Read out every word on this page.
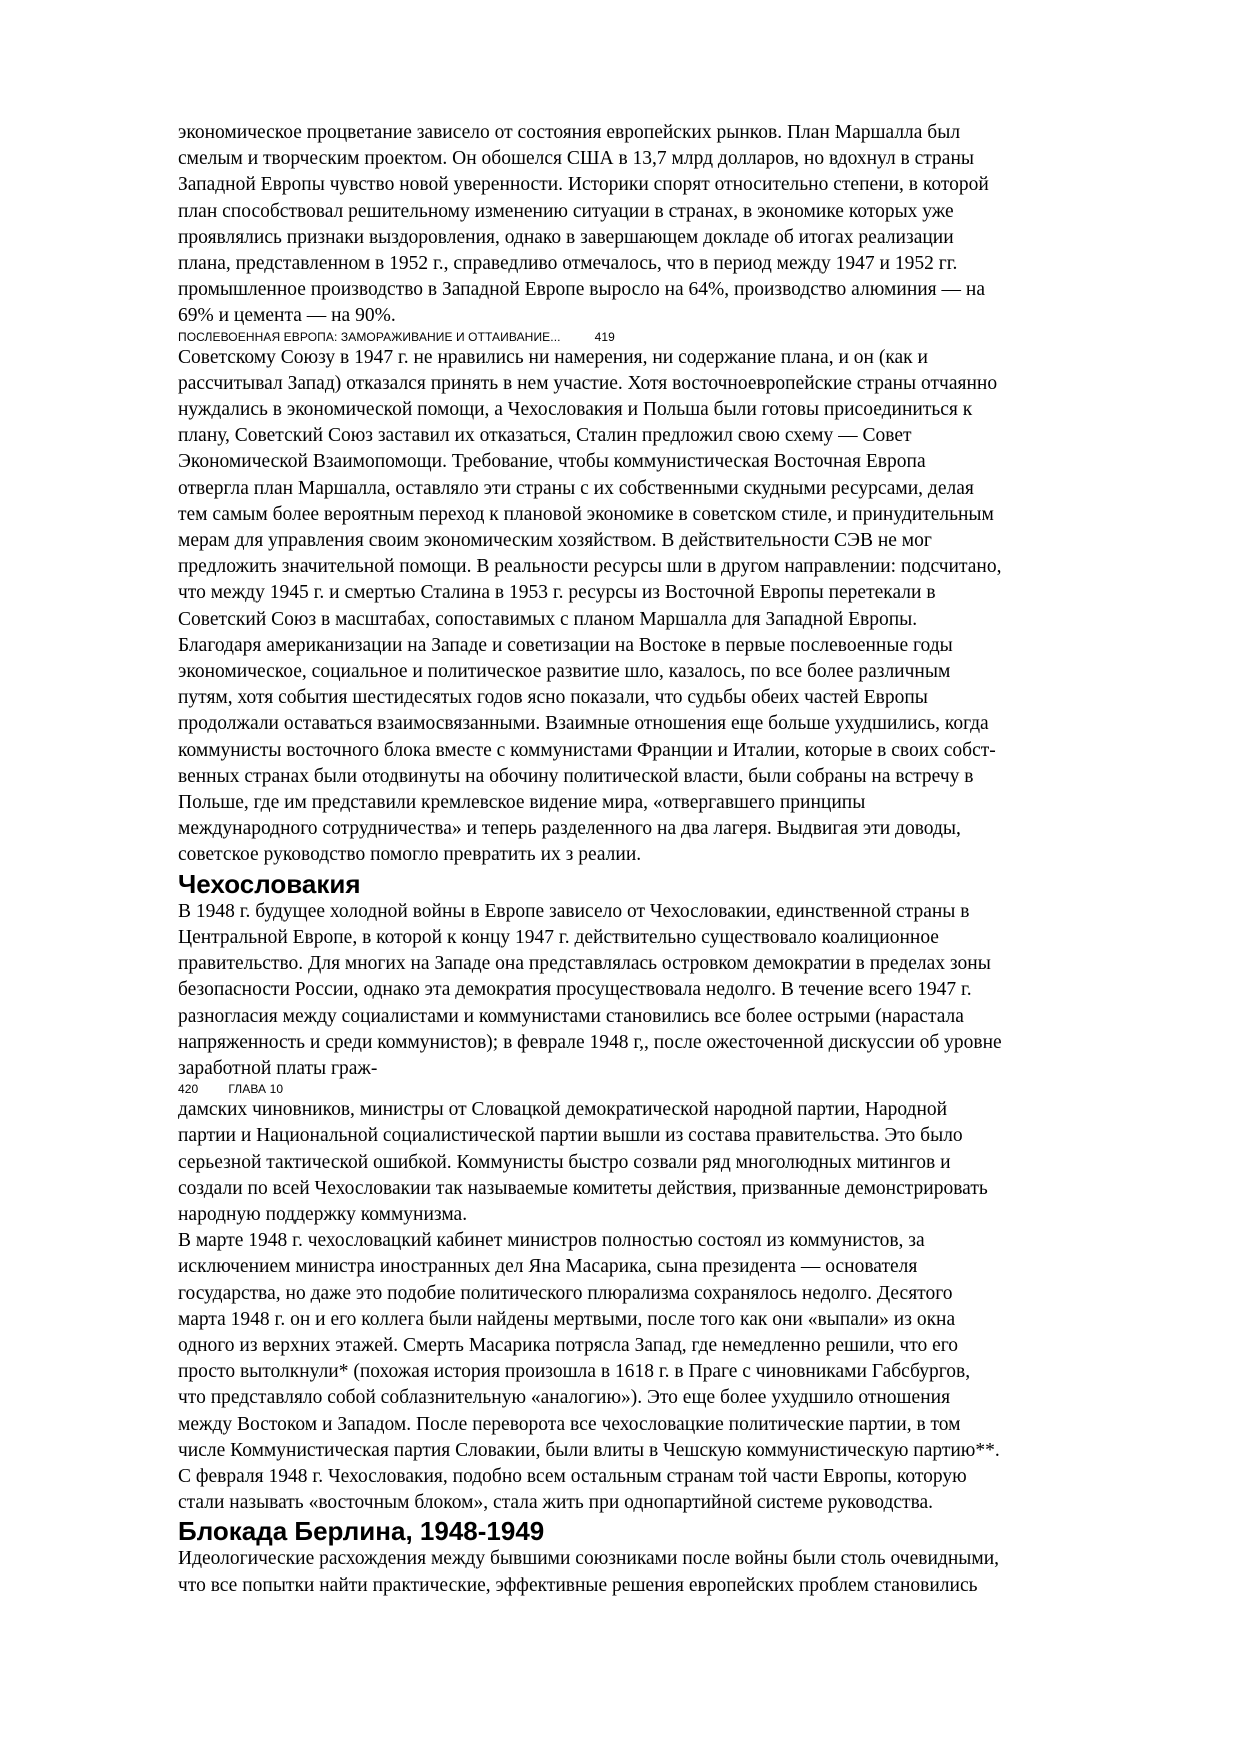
экономическое процветание зависело от состояния европейских рынков. План Маршалла был
смелым и творческим проектом. Он обошелся США в 13,7 млрд долларов, но вдохнул в страны
Западной Европы чувство новой уверенности. Историки спорят относительно степени, в которой
план способствовал решительному изменению ситуации в странах, в экономике которых уже
проявлялись признаки выздоровления, однако в завершающем докладе об итогах реализации
плана, представленном в 1952 г., справедливо отмечалось, что в период между 1947 и 1952 гг.
промышленное производство в Западной Европе выросло на 64%, производство алюминия — на
69% и цемента — на 90%.

ПОСЛЕВОЕННАЯ ЕВРОПА: ЗАМОРАЖИВАНИЕ И ОТТАИВАНИЕ...	419

Советскому Союзу в 1947 г. не нравились ни намерения, ни содержание плана, и он (как и
рассчитывал Запад) отказался принять в нем участие. Хотя восточноевропейские страны отчаянно
нуждались в экономической помощи, а Чехословакия и Польша были готовы присоединиться к
плану, Советский Союз заставил их отказаться, Сталин предложил свою схему — Совет
Экономической Взаимопомощи. Требование, чтобы коммунистическая Восточная Европа
отвергла план Маршалла, оставляло эти страны с их собственными скудными ресурсами, делая
тем самым более вероятным переход к плановой экономике в советском стиле, и принудительным
мерам для управления своим экономическим хозяйством. В действительности СЭВ не мог
предложить значительной помощи. В реальности ресурсы шли в другом направлении: подсчитано,
что между 1945 г. и смертью Сталина в 1953 г. ресурсы из Восточной Европы перетекали в
Советский Союз в масштабах, сопоставимых с планом Маршалла для Западной Европы.
Благодаря американизации на Западе и советизации на Востоке в первые послевоенные годы
экономическое, социальное и политическое развитие шло, казалось, по все более различным
путям, хотя события шестидесятых годов ясно показали, что судьбы обеих частей Европы
продолжали оставаться взаимосвязанными. Взаимные отношения еще больше ухудшились, когда
коммунисты восточного блока вместе с коммунистами Франции и Италии, которые в своих собст-
венных странах были отодвинуты на обочину политической власти, были собраны на встречу в
Польше, где им представили кремлевское видение мира, «отвергавшего принципы
международного сотрудничества» и теперь разделенного на два лагеря. Выдвигая эти доводы,
советское руководство помогло превратить их з реалии.

Чехословакия

В 1948 г. будущее холодной войны в Европе зависело от Чехословакии, единственной страны в
Центральной Европе, в которой к концу 1947 г. действительно существовало коалиционное
правительство. Для многих на Западе она представлялась островком демократии в пределах зоны
безопасности России, однако эта демократия просуществовала недолго. В течение всего 1947 г.
разногласия между социалистами и коммунистами становились все более острыми (нарастала
напряженность и среди коммунистов); в феврале 1948 г,, после ожесточенной дискуссии об уровне
заработной платы граж-

420	ГЛАВА 10

дамских чиновников, министры от Словацкой демократической народной партии, Народной
партии и Национальной социалистической партии вышли из состава правительства. Это было
серьезной тактической ошибкой. Коммунисты быстро созвали ряд многолюдных митингов и
создали по всей Чехословакии так называемые комитеты действия, призванные демонстрировать
народную поддержку коммунизма.

В марте 1948 г. чехословацкий кабинет министров полностью состоял из коммунистов, за
исключением министра иностранных дел Яна Масарика, сына президента — основателя
государства, но даже это подобие политического плюрализма сохранялось недолго. Десятого
марта 1948 г. он и его коллега были найдены мертвыми, после того как они «выпали» из окна
одного из верхних этажей. Смерть Масарика потрясла Запад, где немедленно решили, что его
просто вытолкнули* (похожая история произошла в 1618 г. в Праге с чиновниками Габсбургов,
что представляло собой соблазнительную «аналогию»). Это еще более ухудшило отношения
между Востоком и Западом. После переворота все чехословацкие политические партии, в том
числе Коммунистическая партия Словакии, были влиты в Чешскую коммунистическую партию**.
С февраля 1948 г. Чехословакия, подобно всем остальным странам той части Европы, которую
стали называть «восточным блоком», стала жить при однопартийной системе руководства.

Блокада Берлина, 1948-1949

Идеологические расхождения между бывшими союзниками после войны были столь очевидными,
что все попытки найти практические, эффективные решения европейских проблем становились
